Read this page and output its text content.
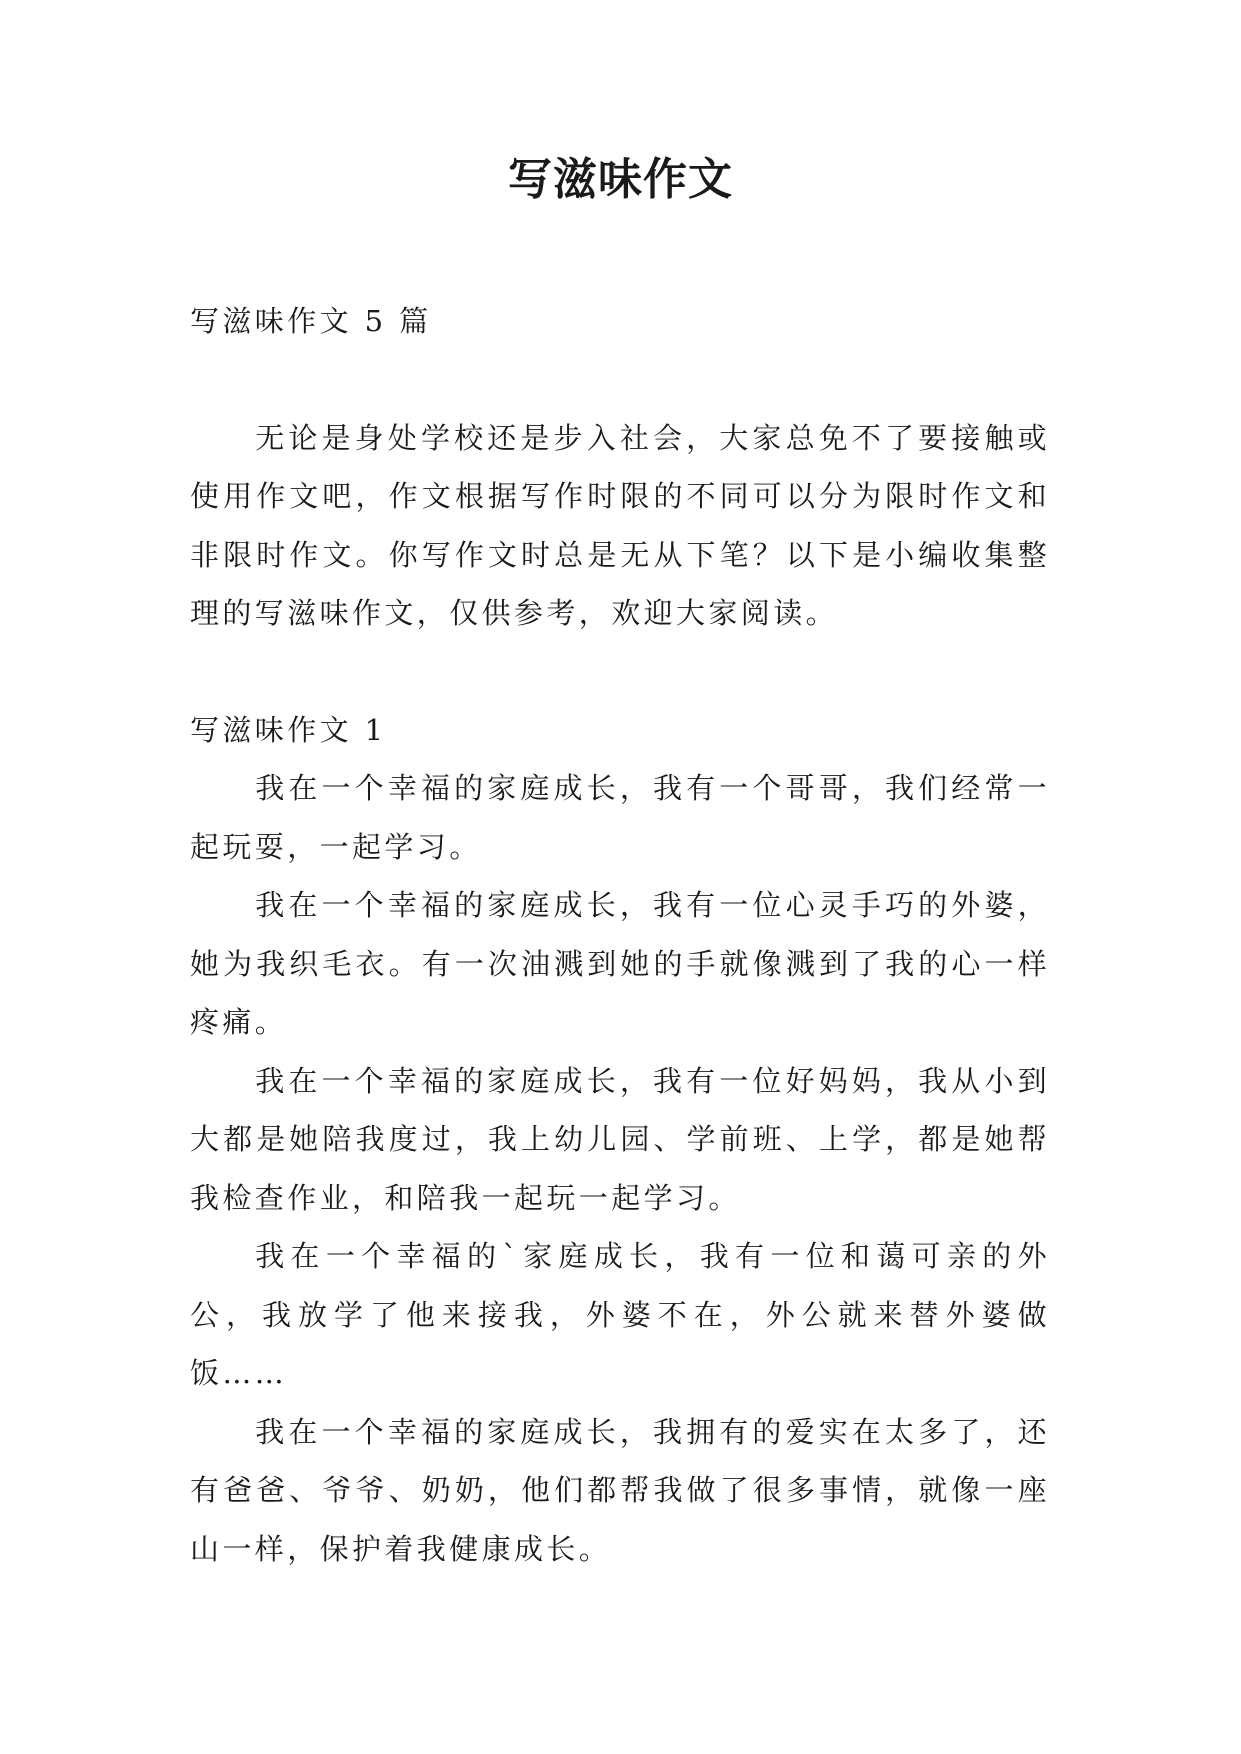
写滋味作文

写滋味作文 5 篇

无论是身处学校还是步入社会，大家总免不了要接触或使用作文吧，作文根据写作时限的不同可以分为限时作文和非限时作文。你写作文时总是无从下笔？以下是小编收集整理的写滋味作文，仅供参考，欢迎大家阅读。

写滋味作文 1

我在一个幸福的家庭成长，我有一个哥哥，我们经常一起玩耍，一起学习。

我在一个幸福的家庭成长，我有一位心灵手巧的外婆，她为我织毛衣。有一次油溅到她的手就像溅到了我的心一样疼痛。

我在一个幸福的家庭成长，我有一位好妈妈，我从小到大都是她陪我度过，我上幼儿园、学前班、上学，都是她帮我检查作业，和陪我一起玩一起学习。

我在一个幸福的`家庭成长，我有一位和蔼可亲的外公，我放学了他来接我，外婆不在，外公就来替外婆做饭……

我在一个幸福的家庭成长，我拥有的爱实在太多了，还有爸爸、爷爷、奶奶，他们都帮我做了很多事情，就像一座山一样，保护着我健康成长。
